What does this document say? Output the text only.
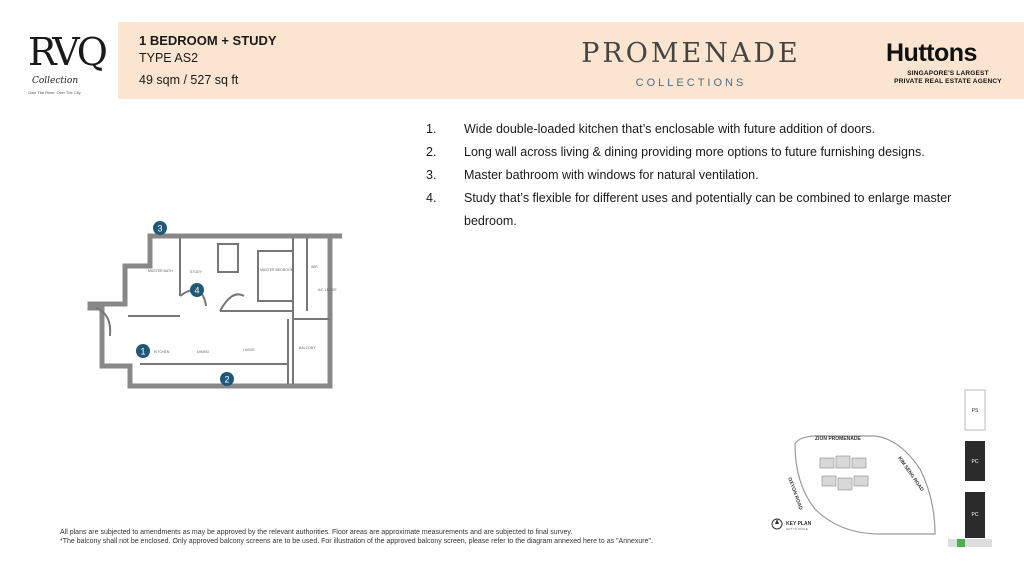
RVQ
Collection
Own The River. Own The City
1 BEDROOM + STUDY
TYPE AS2
49 sqm / 527 sq ft
PROMENADE
COLLECTIONS
Huttons
SINGAPORE'S LARGEST
PRIVATE REAL ESTATE AGENCY
1.	Wide double-loaded kitchen that’s enclosable with future addition of doors.
2.	Long wall across living & dining providing more options to future furnishing designs.
3.	Master bathroom with windows for natural ventilation.
4.	Study that’s flexible for different uses and potentially can be combined to enlarge master bedroom.
MASTER BATH	STUDY	MASTER BEDROOM
WIR
KITCHEN	DINING	LIVING	BALCONY
A/C LEDGE
1
2
3
4
ZION PROMENADE
KIM SENG ROAD
OXYON ROAD
KEY PLAN
NOT TO SCALE
PS
PC
PC
All plans are subjected to amendments as may be approved by the relevant authorities. Floor areas are approximate measurements and are subjected to final survey.
*The balcony shall not be enclosed. Only approved balcony screens are to be used. For illustration of the approved balcony screen, please refer to the diagram annexed here to as "Annexure".
